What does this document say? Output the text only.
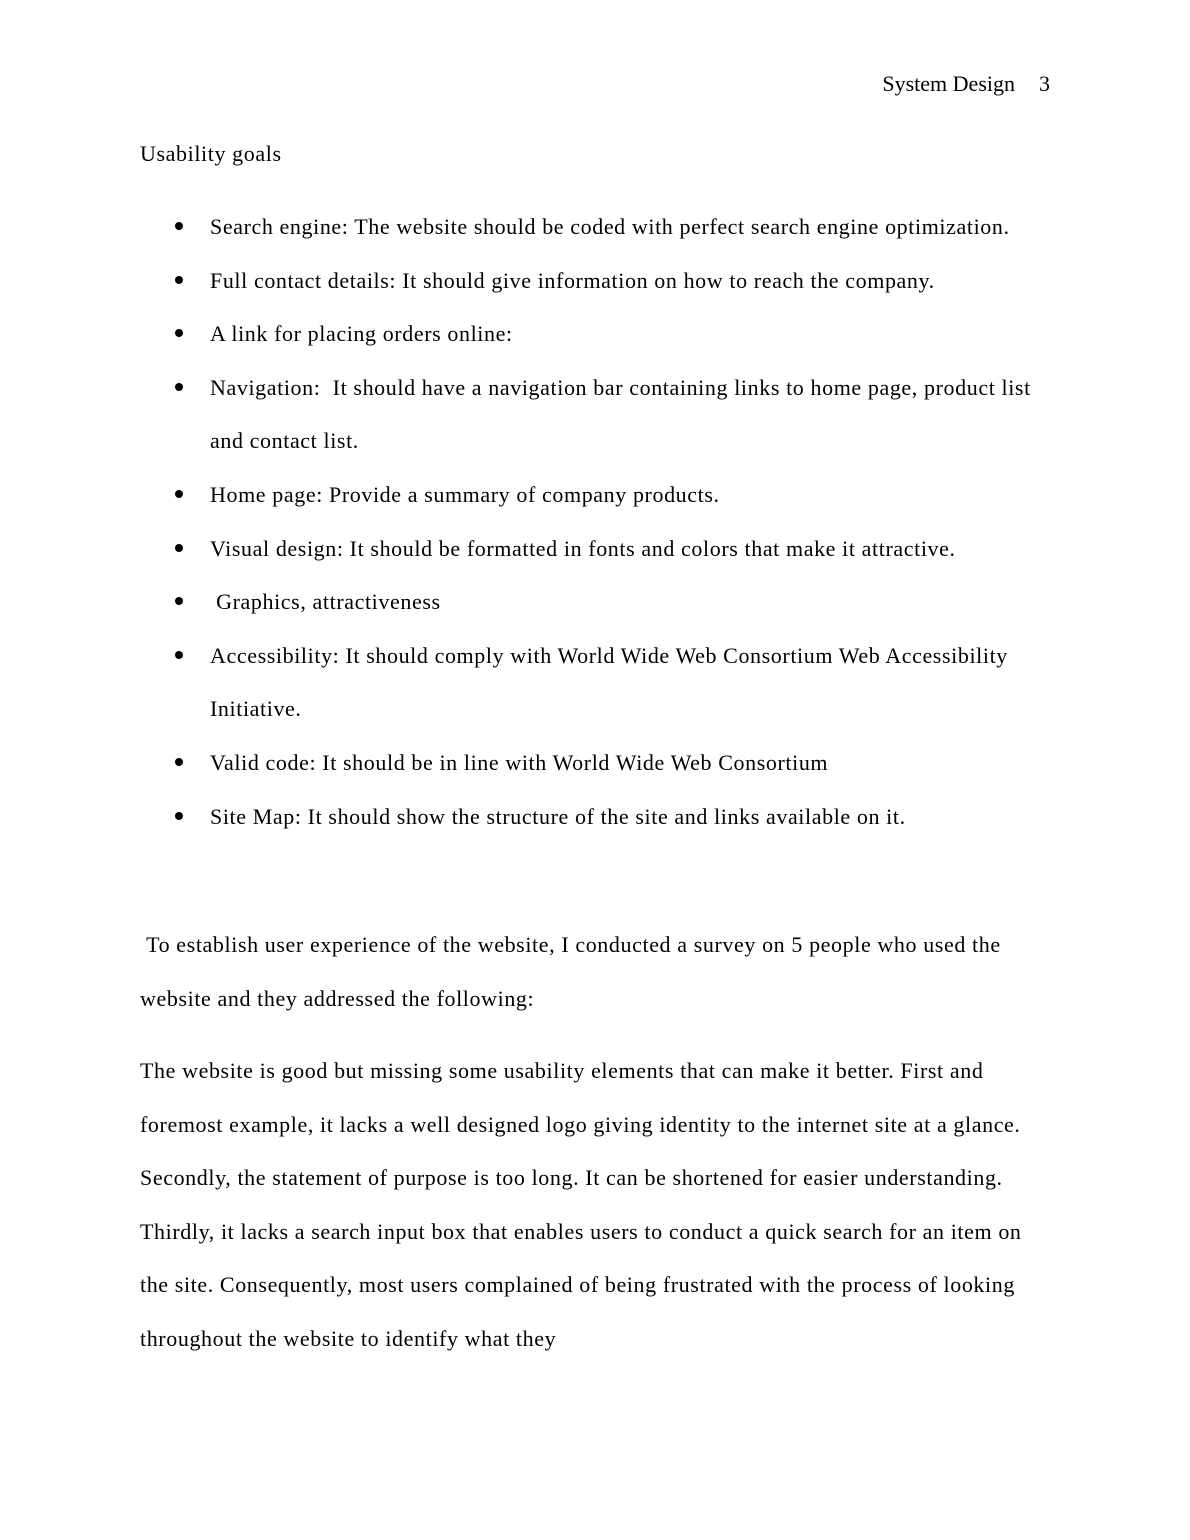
System Design 3
Usability goals
Search engine: The website should be coded with perfect search engine optimization.
Full contact details: It should give information on how to reach the company.
A link for placing orders online:
Navigation:  It should have a navigation bar containing links to home page, product list and contact list.
Home page: Provide a summary of company products.
Visual design: It should be formatted in fonts and colors that make it attractive.
Graphics, attractiveness
Accessibility: It should comply with World Wide Web Consortium Web Accessibility Initiative.
Valid code: It should be in line with World Wide Web Consortium
Site Map: It should show the structure of the site and links available on it.

To establish user experience of the website, I conducted a survey on 5 people who used the website and they addressed the following:

The website is good but missing some usability elements that can make it better. First and foremost example, it lacks a well designed logo giving identity to the internet site at a glance. Secondly, the statement of purpose is too long. It can be shortened for easier understanding. Thirdly, it lacks a search input box that enables users to conduct a quick search for an item on the site. Consequently, most users complained of being frustrated with the process of looking throughout the website to identify what they
